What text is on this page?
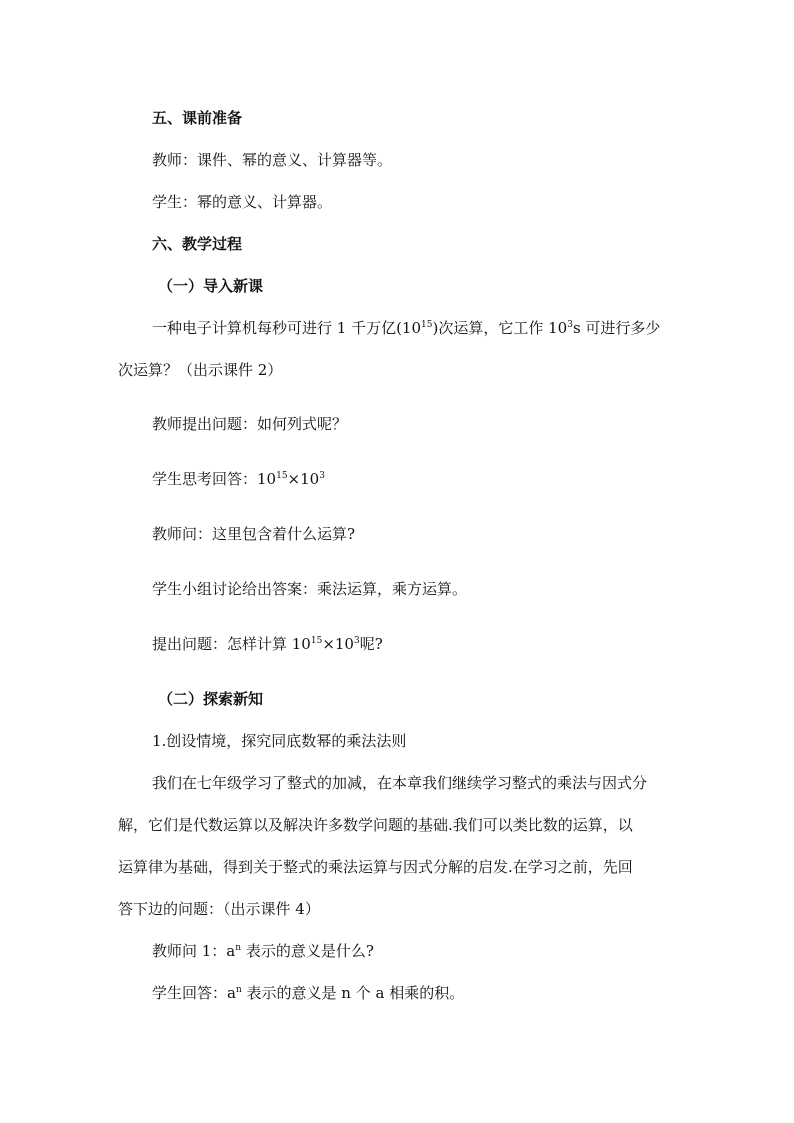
五、课前准备
教师：课件、幂的意义、计算器等。
学生：幂的意义、计算器。
六、教学过程
（一）导入新课
一种电子计算机每秒可进行 1 千万亿$(10^{15})$次运算，它工作 $10^3s$ 可进行多少
次运算？（出示课件 2）
教师提出问题：如何列式呢？
学生思考回答：$10^{15}\times 10^3$
教师问：这里包含着什么运算?
学生小组讨论给出答案：乘法运算，乘方运算。
提出问题：怎样计算 $10^{15}\times 10^3$呢?
（二）探索新知
1.创设情境，探究同底数幂的乘法法则
我们在七年级学习了整式的加减，在本章我们继续学习整式的乘法与因式分
解，它们是代数运算以及解决许多数学问题的基础.我们可以类比数的运算，以
运算律为基础，得到关于整式的乘法运算与因式分解的启发.在学习之前，先回
答下边的问题：（出示课件 4）
教师问 1：$a^n$ 表示的意义是什么?
学生回答：$a^n$ 表示的意义是 n 个 a 相乘的积。
